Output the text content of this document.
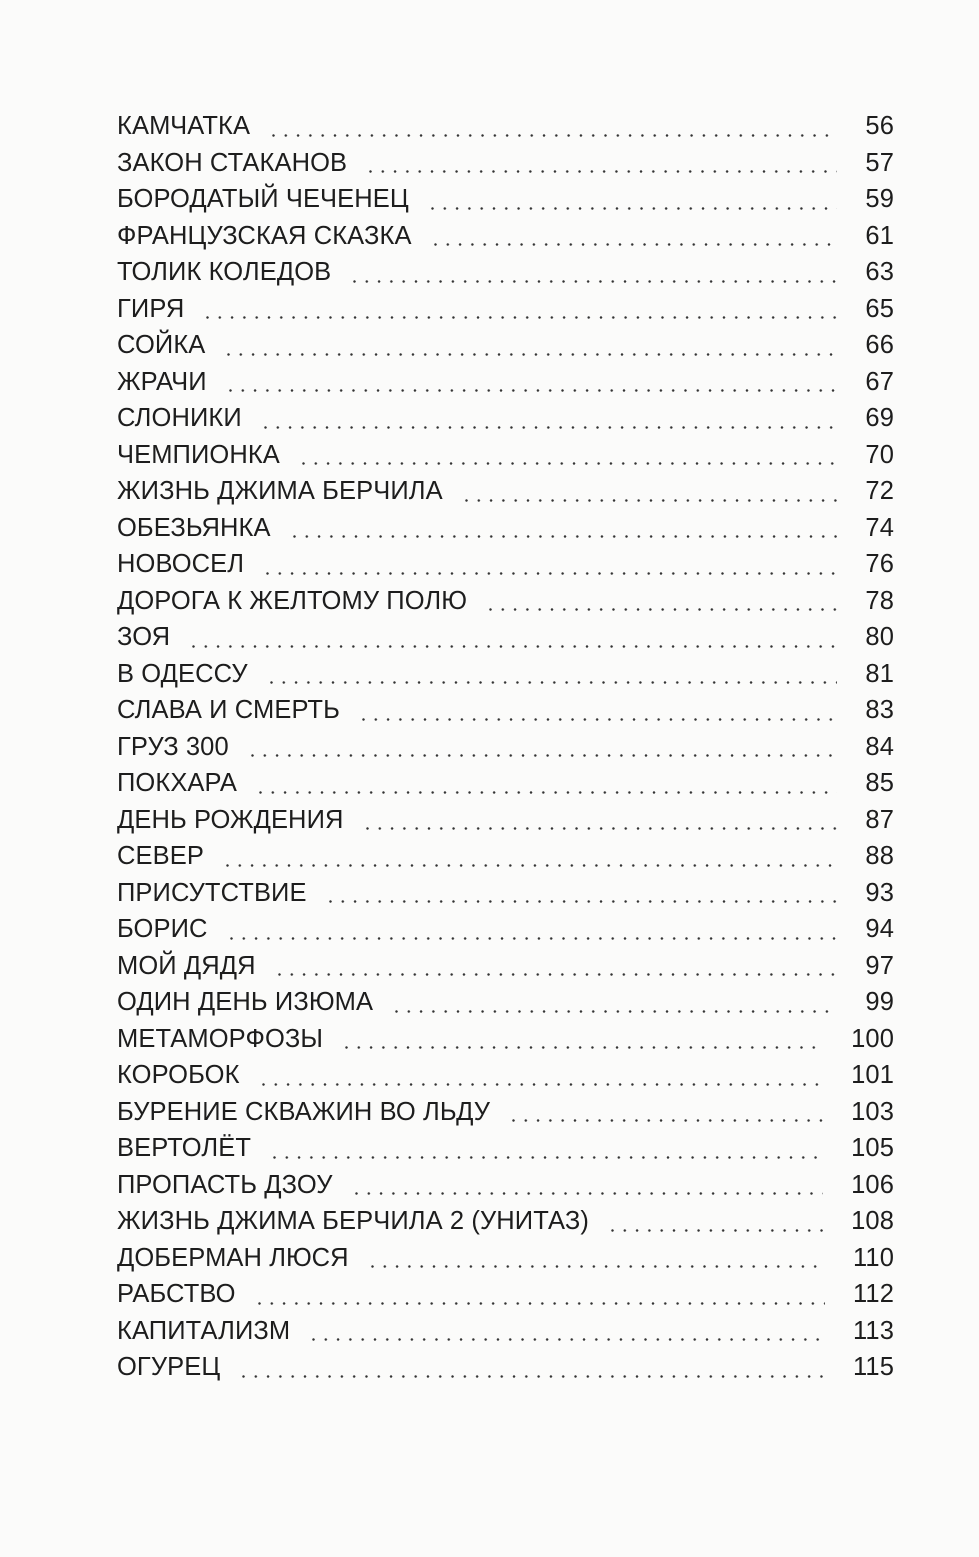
КАМЧАТКА	56
ЗАКОН СТАКАНОВ	57
БОРОДАТЫЙ ЧЕЧЕНЕЦ	59
ФРАНЦУЗСКАЯ СКАЗКА	61
ТОЛИК КОЛЕДОВ	63
ГИРЯ	65
СОЙКА	66
ЖРАЧИ	67
СЛОНИКИ	69
ЧЕМПИОНКА	70
ЖИЗНЬ ДЖИМА БЕРЧИЛА	72
ОБЕЗЬЯНКА	74
НОВОСЕЛ	76
ДОРОГА К ЖЕЛТОМУ ПОЛЮ	78
ЗОЯ	80
В ОДЕССУ	81
СЛАВА И СМЕРТЬ	83
ГРУЗ 300	84
ПОКХАРА	85
ДЕНЬ РОЖДЕНИЯ	87
СЕВЕР	88
ПРИСУТСТВИЕ	93
БОРИС	94
МОЙ ДЯДЯ	97
ОДИН ДЕНЬ ИЗЮМА	99
МЕТАМОРФОЗЫ	100
КОРОБОК	101
БУРЕНИЕ СКВАЖИН ВО ЛЬДУ	103
ВЕРТОЛЁТ	105
ПРОПАСТЬ ДЗОУ	106
ЖИЗНЬ ДЖИМА БЕРЧИЛА 2 (УНИТАЗ)	108
ДОБЕРМАН ЛЮСЯ	110
РАБСТВО	112
КАПИТАЛИЗМ	113
ОГУРЕЦ	115
